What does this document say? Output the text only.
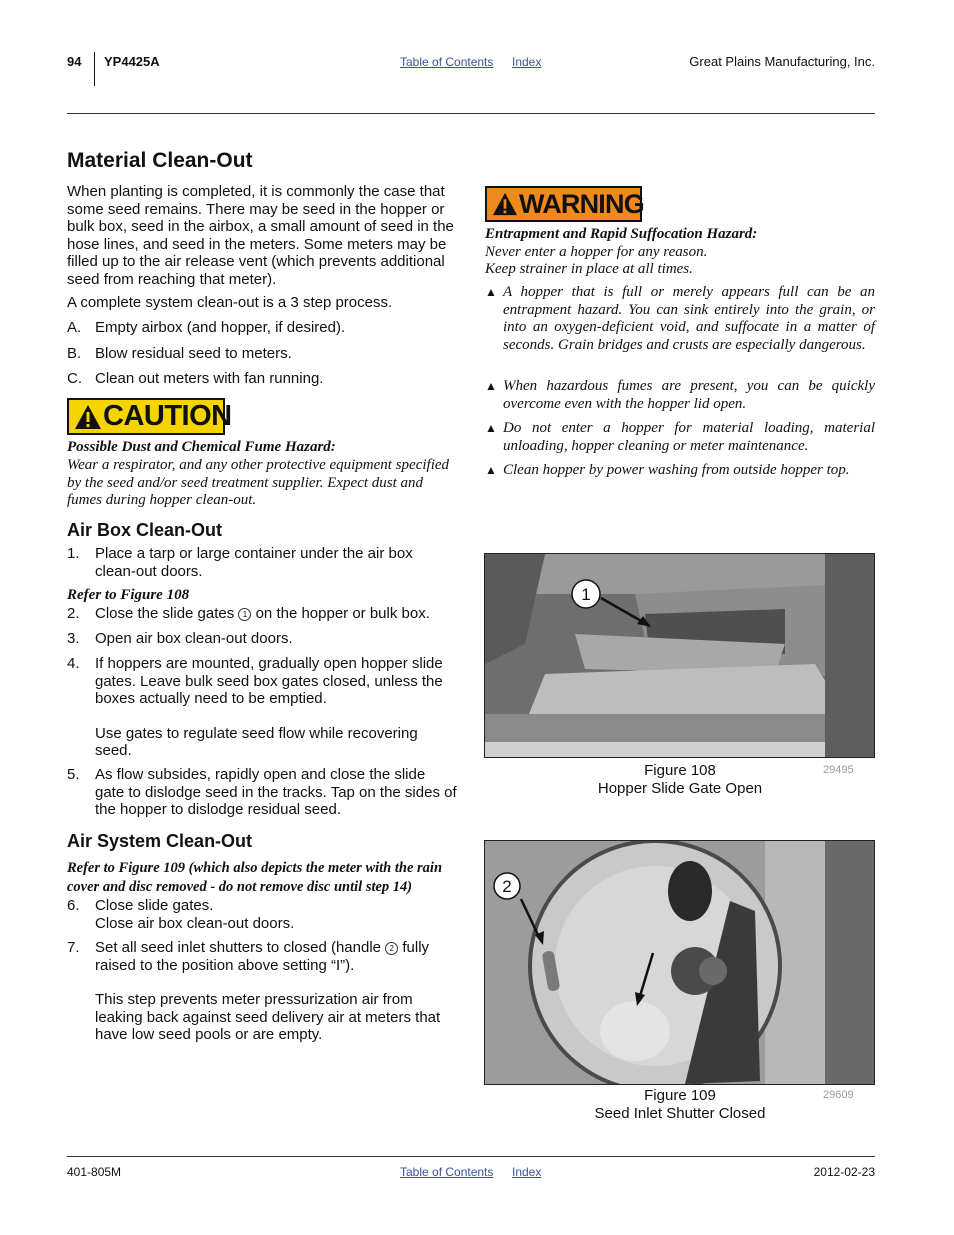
94 YP4425A	Table of Contents Index	Great Plains Manufacturing, Inc.
Material Clean-Out
When planting is completed, it is commonly the case that some seed remains. There may be seed in the hopper or bulk box, seed in the airbox, a small amount of seed in the hose lines, and seed in the meters. Some meters may be filled up to the air release vent (which prevents additional seed from reaching that meter).
A complete system clean-out is a 3 step process.
A. Empty airbox (and hopper, if desired).
B. Blow residual seed to meters.
C. Clean out meters with fan running.
CAUTION
Possible Dust and Chemical Fume Hazard:
Wear a respirator, and any other protective equipment specified by the seed and/or seed treatment supplier. Expect dust and fumes during hopper clean-out.
Air Box Clean-Out
1. Place a tarp or large container under the air box clean-out doors.
Refer to Figure 108
2. Close the slide gates 1 on the hopper or bulk box.
3. Open air box clean-out doors.
4. If hoppers are mounted, gradually open hopper slide gates. Leave bulk seed box gates closed, unless the boxes actually need to be emptied.
Use gates to regulate seed flow while recovering seed.
5. As flow subsides, rapidly open and close the slide gate to dislodge seed in the tracks. Tap on the sides of the hopper to dislodge residual seed.
Air System Clean-Out
Refer to Figure 109 (which also depicts the meter with the rain cover and disc removed - do not remove disc until step 14)
6. Close slide gates.
Close air box clean-out doors.
7. Set all seed inlet shutters to closed (handle 2 fully raised to the position above setting “I”).
This step prevents meter pressurization air from leaking back against seed delivery air at meters that have low seed pools or are empty.
WARNING
Entrapment and Rapid Suffocation Hazard:
Never enter a hopper for any reason.
Keep strainer in place at all times.
▲ A hopper that is full or merely appears full can be an entrapment hazard. You can sink entirely into the grain, or into an oxygen-deficient void, and suffocate in a matter of seconds. Grain bridges and crusts are especially dangerous.
▲ When hazardous fumes are present, you can be quickly overcome even with the hopper lid open.
▲ Do not enter a hopper for material loading, material unloading, hopper cleaning or meter maintenance.
▲ Clean hopper by power washing from outside hopper top.
1
Figure 108
Hopper Slide Gate Open
29495
2
Figure 109
Seed Inlet Shutter Closed
29609
401-805M	Table of Contents Index	2012-02-23
